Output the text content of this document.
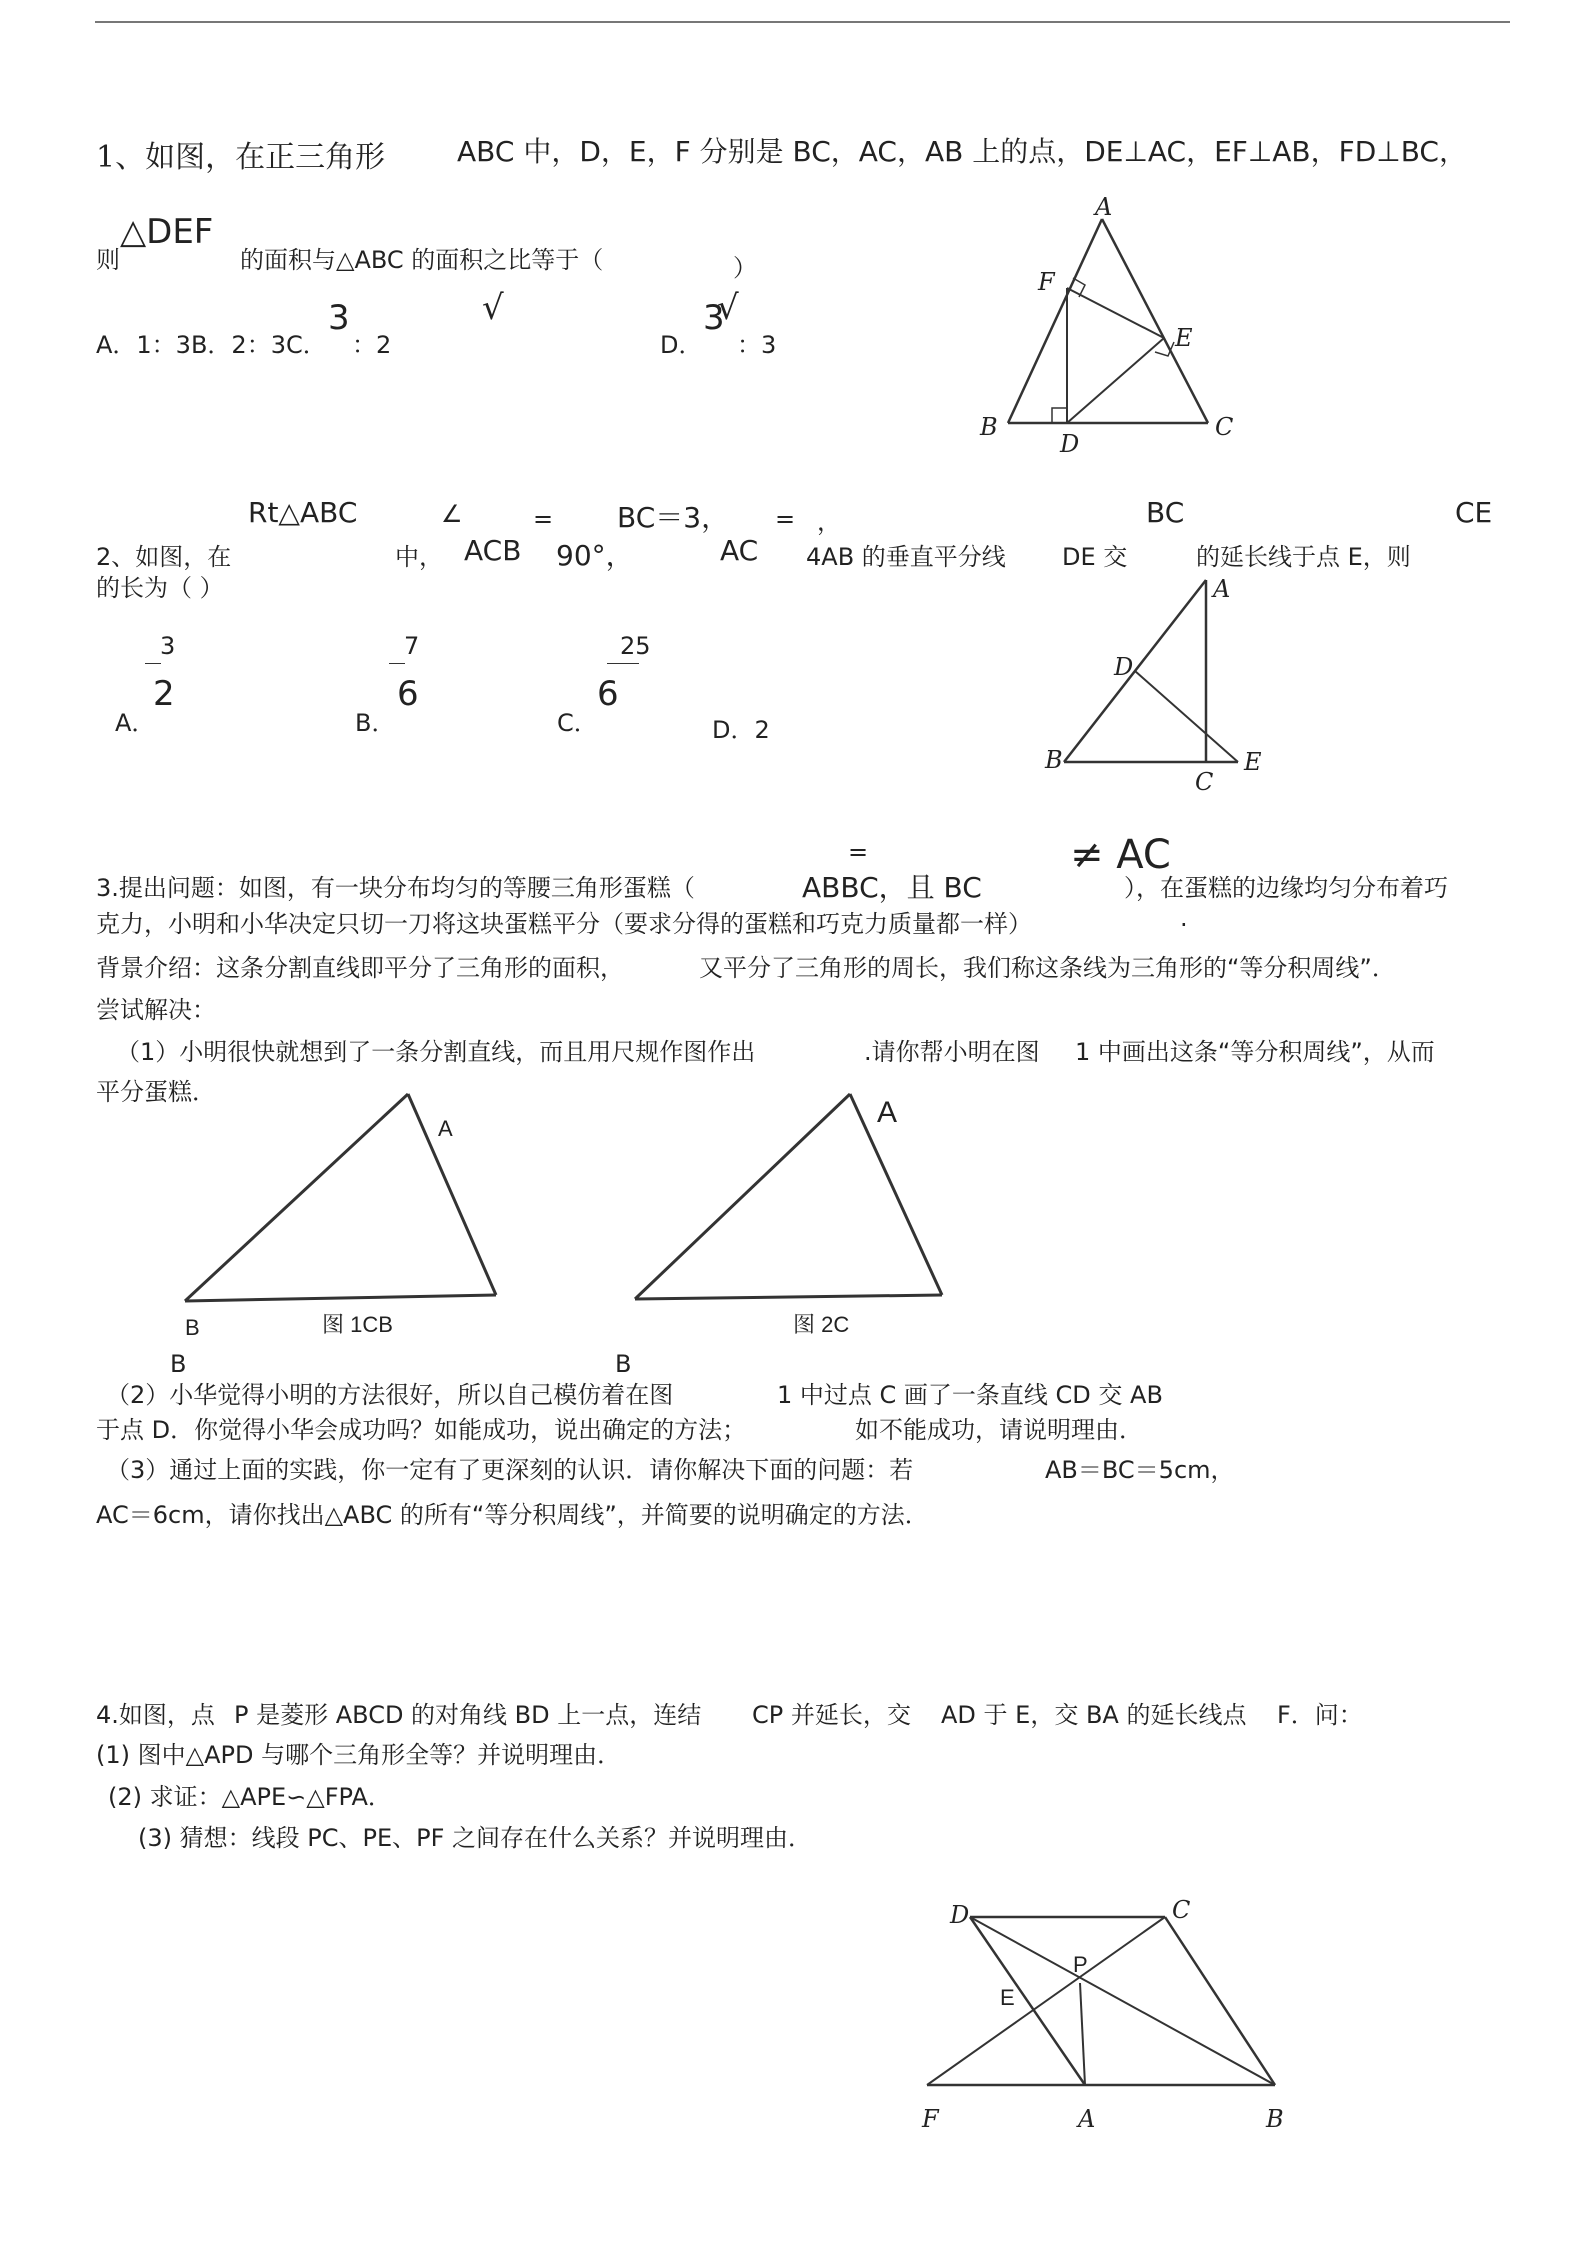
1、如图，在正三角形	ABC 中，D，E，F 分别是 BC，AC，AB 上的点，DE⊥AC，EF⊥AB，FD⊥BC，
则
△DEF
的面积与△ABC 的面积之比等于（	）
A．1：3B．2：3C．
3
：2
√
D．
3
√
：3
A
F
E
B
D
C
Rt△ABC	∠	= BC＝3， = ，	BC	CE
2、如图，在	中， ACB 90°，	AC 4AB 的垂直平分线 DE 交	的延长线于点 E，则
的长为（ ）
3
2
A．
7
6
B．
25
6
C．	D．2
A
D
B
C
E
=	≠ AC
ABBC，且 BC
3.提出问题：如图，有一块分布均匀的等腰三角形蛋糕（	），在蛋糕的边缘均匀分布着巧
克力，小明和小华决定只切一刀将这块蛋糕平分（要求分得的蛋糕和巧克力质量都一样）	.
背景介绍：这条分割直线即平分了三角形的面积，	又平分了三角形的周长，我们称这条线为三角形的“等分积周线”．
尝试解决：
（1）小明很快就想到了一条分割直线，而且用尺规作图作出	.请你帮小明在图 1 中画出这条“等分积周线”，从而
平分蛋糕．
A
B	图 1CB
A
图 2C
B	B
（2）小华觉得小明的方法很好，所以自己模仿着在图	1 中过点 C 画了一条直线 CD 交 AB
于点 D．你觉得小华会成功吗？如能成功，说出确定的方法；	如不能成功，请说明理由．
（3）通过上面的实践，你一定有了更深刻的认识．请你解决下面的问题：若	AB＝BC＝5cm，
AC＝6cm，请你找出△ABC 的所有“等分积周线”，并简要的说明确定的方法．
4.如图，点 P 是菱形 ABCD 的对角线 BD 上一点，连结 CP 并延长，交 AD 于 E，交 BA 的延长线点 F．问：
(1) 图中△APD 与哪个三角形全等？并说明理由．
(2) 求证：△APE∽△FPA．
(3) 猜想：线段 PC、PE、PF 之间存在什么关系？并说明理由．
D	C
P
E
F	A	B
